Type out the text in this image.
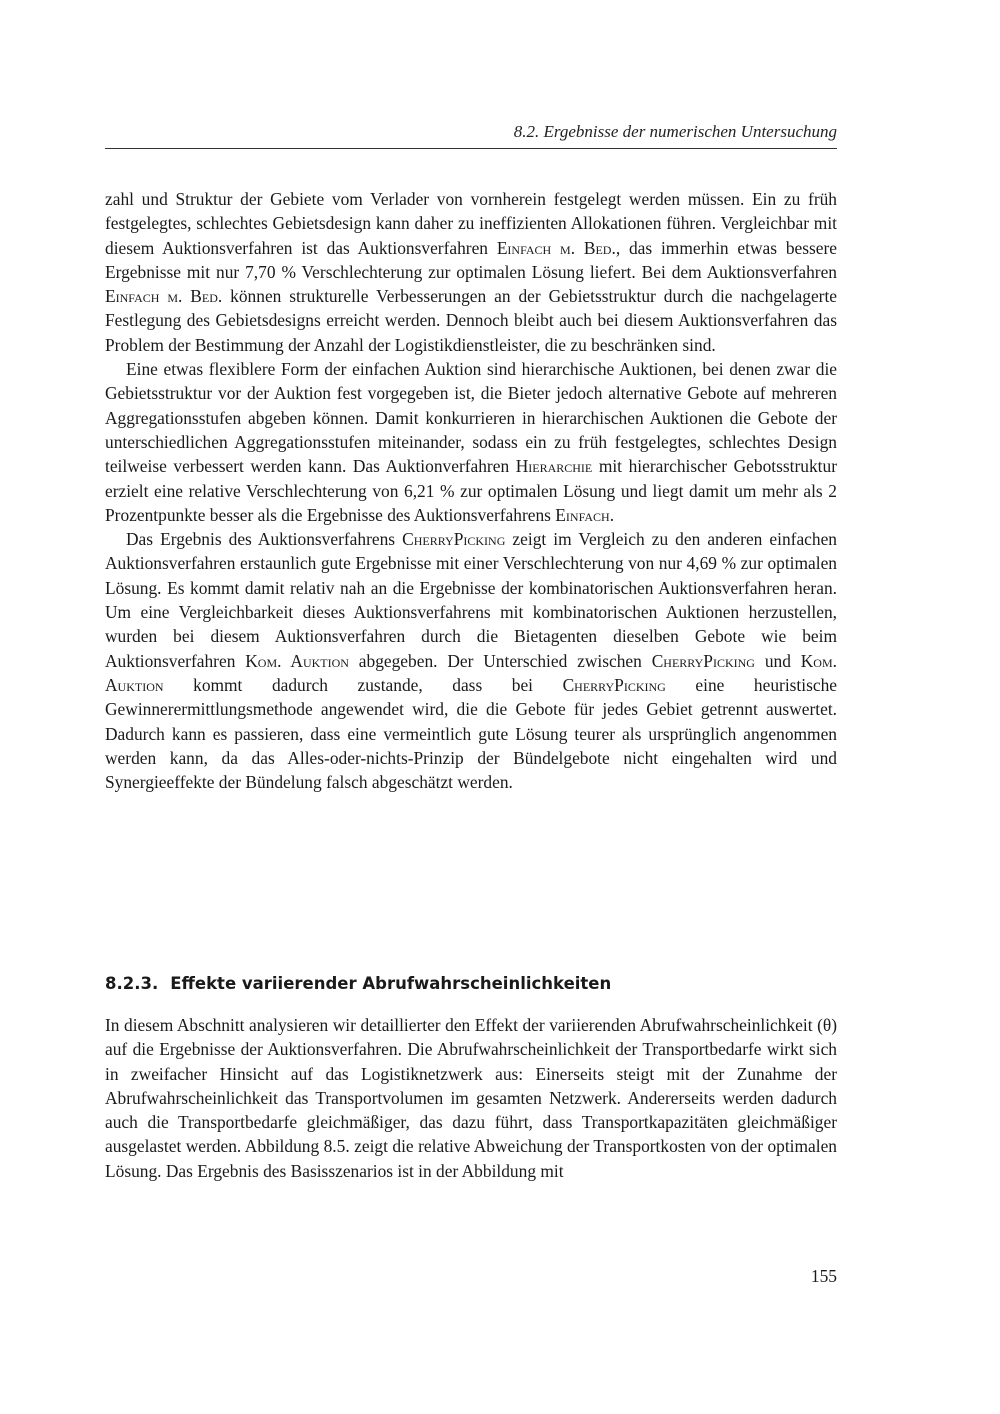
8.2. Ergebnisse der numerischen Untersuchung

zahl und Struktur der Gebiete vom Verlader von vornherein festgelegt werden müssen. Ein zu früh festgelegtes, schlechtes Gebietsdesign kann daher zu ineffizienten Allokationen führen. Vergleichbar mit diesem Auktionsverfahren ist das Auktionsverfahren Einfach m. Bed., das immerhin etwas bessere Ergebnisse mit nur 7,70 % Verschlechterung zur optimalen Lösung liefert. Bei dem Auktionsverfahren Einfach m. Bed. können strukturelle Verbesserungen an der Gebietsstruktur durch die nachgelagerte Festlegung des Gebietsdesigns erreicht werden. Dennoch bleibt auch bei diesem Auktionsverfahren das Problem der Bestimmung der Anzahl der Logistikdienstleister, die zu beschränken sind.

Eine etwas flexiblere Form der einfachen Auktion sind hierarchische Auktionen, bei denen zwar die Gebietsstruktur vor der Auktion fest vorgegeben ist, die Bieter jedoch alternative Gebote auf mehreren Aggregationsstufen abgeben können. Damit konkurrieren in hierarchischen Auktionen die Gebote der unterschiedlichen Aggregationsstufen miteinander, sodass ein zu früh festgelegtes, schlechtes Design teilweise verbessert werden kann. Das Auktionverfahren Hierarchie mit hierarchischer Gebotsstruktur erzielt eine relative Verschlechterung von 6,21 % zur optimalen Lösung und liegt damit um mehr als 2 Prozentpunkte besser als die Ergebnisse des Auktionsverfahrens Einfach.

Das Ergebnis des Auktionsverfahrens CherryPicking zeigt im Vergleich zu den anderen einfachen Auktionsverfahren erstaunlich gute Ergebnisse mit einer Verschlechterung von nur 4,69 % zur optimalen Lösung. Es kommt damit relativ nah an die Ergebnisse der kombinatorischen Auktionsverfahren heran. Um eine Vergleichbarkeit dieses Auktionsverfahrens mit kombinatorischen Auktionen herzustellen, wurden bei diesem Auktionsverfahren durch die Bietagenten dieselben Gebote wie beim Auktionsverfahren Kom. Auktion abgegeben. Der Unterschied zwischen CherryPicking und Kom. Auktion kommt dadurch zustande, dass bei CherryPicking eine heuristische Gewinnerermittlungsmethode angewendet wird, die die Gebote für jedes Gebiet getrennt auswertet. Dadurch kann es passieren, dass eine vermeintlich gute Lösung teurer als ursprünglich angenommen werden kann, da das Alles-oder-nichts-Prinzip der Bündelgebote nicht eingehalten wird und Synergieeffekte der Bündelung falsch abgeschätzt werden.

8.2.3. Effekte variierender Abrufwahrscheinlichkeiten

In diesem Abschnitt analysieren wir detaillierter den Effekt der variierenden Abrufwahrscheinlichkeit (θ) auf die Ergebnisse der Auktionsverfahren. Die Abrufwahrscheinlichkeit der Transportbedarfe wirkt sich in zweifacher Hinsicht auf das Logistiknetzwerk aus: Einerseits steigt mit der Zunahme der Abrufwahrscheinlichkeit das Transportvolumen im gesamten Netzwerk. Andererseits werden dadurch auch die Transportbedarfe gleichmäßiger, das dazu führt, dass Transportkapazitäten gleichmäßiger ausgelastet werden. Abbildung 8.5. zeigt die relative Abweichung der Transportkosten von der optimalen Lösung. Das Ergebnis des Basisszenarios ist in der Abbildung mit

155
